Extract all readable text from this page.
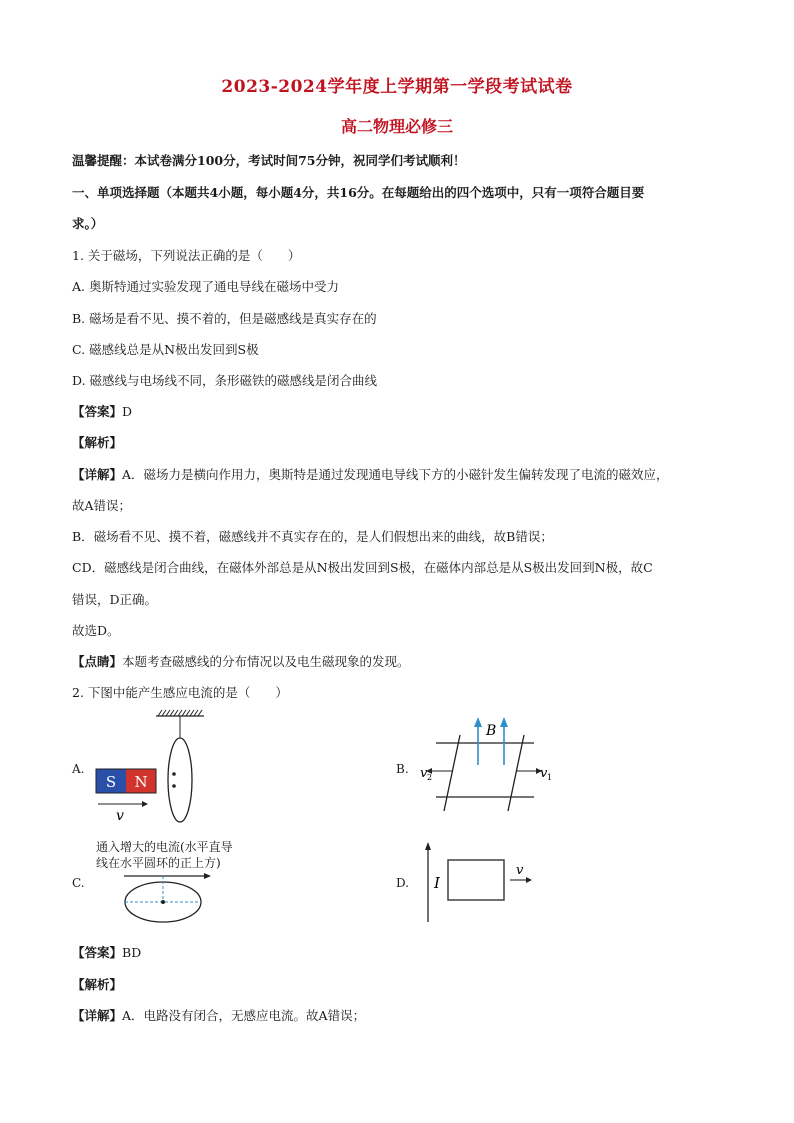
2023-2024学年度上学期第一学段考试试卷
高二物理必修三
温馨提醒：本试卷满分100分，考试时间75分钟，祝同学们考试顺利！
一、单项选择题（本题共4小题，每小题4分，共16分。在每题给出的四个选项中，只有一项符合题目要
求。）
1. 关于磁场，下列说法正确的是（　　）
A. 奥斯特通过实验发现了通电导线在磁场中受力
B. 磁场是看不见、摸不着的，但是磁感线是真实存在的
C. 磁感线总是从N极出发回到S极
D. 磁感线与电场线不同，条形磁铁的磁感线是闭合曲线
【答案】D
【解析】
【详解】A．磁场力是横向作用力，奥斯特是通过发现通电导线下方的小磁针发生偏转发现了电流的磁效应，
故A错误；
B．磁场看不见、摸不着，磁感线并不真实存在的，是人们假想出来的曲线，故B错误；
CD．磁感线是闭合曲线，在磁体外部总是从N极出发回到S极，在磁体内部总是从S极出发回到N极，故C
错误，D正确。
故选D。
【点睛】本题考查磁感线的分布情况以及电生磁现象的发现。
2. 下图中能产生感应电流的是（　　）
A.
S N
v
B.
B
v 2	v 1
C.
通入增大的电流(水平直导
线在水平圆环的正上方)
D. I
v
【答案】BD
【解析】
【详解】A．电路没有闭合，无感应电流。故A错误；
